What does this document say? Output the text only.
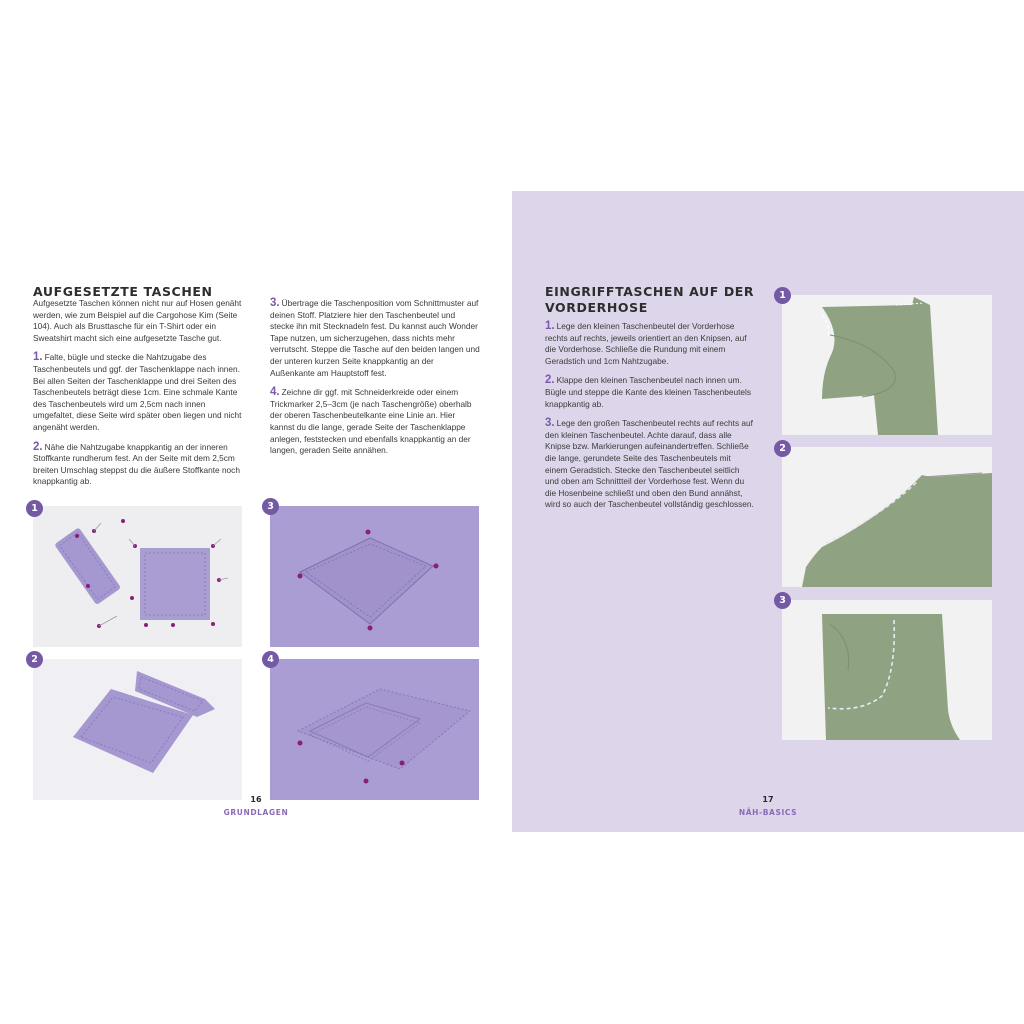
AUFGESETZTE TASCHEN

Aufgesetzte Taschen können nicht nur auf Hosen genäht werden, wie zum Beispiel auf die Cargohose Kim (Seite 104). Auch als Brusttasche für ein T-Shirt oder ein Sweatshirt macht sich eine aufgesetzte Tasche gut.

1. Falte, bügle und stecke die Nahtzugabe des Taschenbeutels und ggf. der Taschenklappe nach innen. Bei allen Seiten der Taschenklappe und drei Seiten des Taschenbeutels beträgt diese 1cm. Eine schmale Kante des Taschenbeutels wird um 2,5cm nach innen umgefaltet, diese Seite wird später oben liegen und nicht angenäht werden.

2. Nähe die Nahtzugabe knappkantig an der inneren Stoffkante rundherum fest. An der Seite mit dem 2,5cm breiten Umschlag steppst du die äußere Stoffkante noch knappkantig ab.

3. Übertrage die Taschenposition vom Schnittmuster auf deinen Stoff. Platziere hier den Taschenbeutel und stecke ihn mit Stecknadeln fest. Du kannst auch Wonder Tape nutzen, um sicherzugehen, dass nichts mehr verrutscht. Steppe die Tasche auf den beiden langen und der unteren kurzen Seite knappkantig an der Außenkante am Hauptstoff fest.

4. Zeichne dir ggf. mit Schneiderkreide oder einem Trickmarker 2,5–3cm (je nach Taschengröße) oberhalb der oberen Taschenbeutelkante eine Linie an. Hier kannst du die lange, gerade Seite der Taschenklappe anlegen, feststecken und ebenfalls knappkantig an der langen, geraden Seite annähen.

1	3
2	4
16
GRUNDLAGEN
EINGRIFFTASCHEN AUF DER
VORDERHOSE

1. Lege den kleinen Taschenbeutel der Vorderhose rechts auf rechts, jeweils orientiert an den Knipsen, auf die Vorderhose. Schließe die Rundung mit einem Geradstich und 1cm Nahtzugabe.

2. Klappe den kleinen Taschenbeutel nach innen um. Bügle und steppe die Kante des kleinen Taschenbeutels knappkantig ab.

3. Lege den großen Taschenbeutel rechts auf rechts auf den kleinen Taschenbeutel. Achte darauf, dass alle Knipse bzw. Markierungen aufeinandertreffen. Schließe die lange, gerundete Seite des Taschenbeutels mit einem Geradstich. Stecke den Taschenbeutel seitlich und oben am Schnittteil der Vorderhose fest. Wenn du die Hosenbeine schließt und oben den Bund annähst, wird so auch der Taschenbeutel vollständig geschlossen.

1
2
3
17
NÄH-BASICS
